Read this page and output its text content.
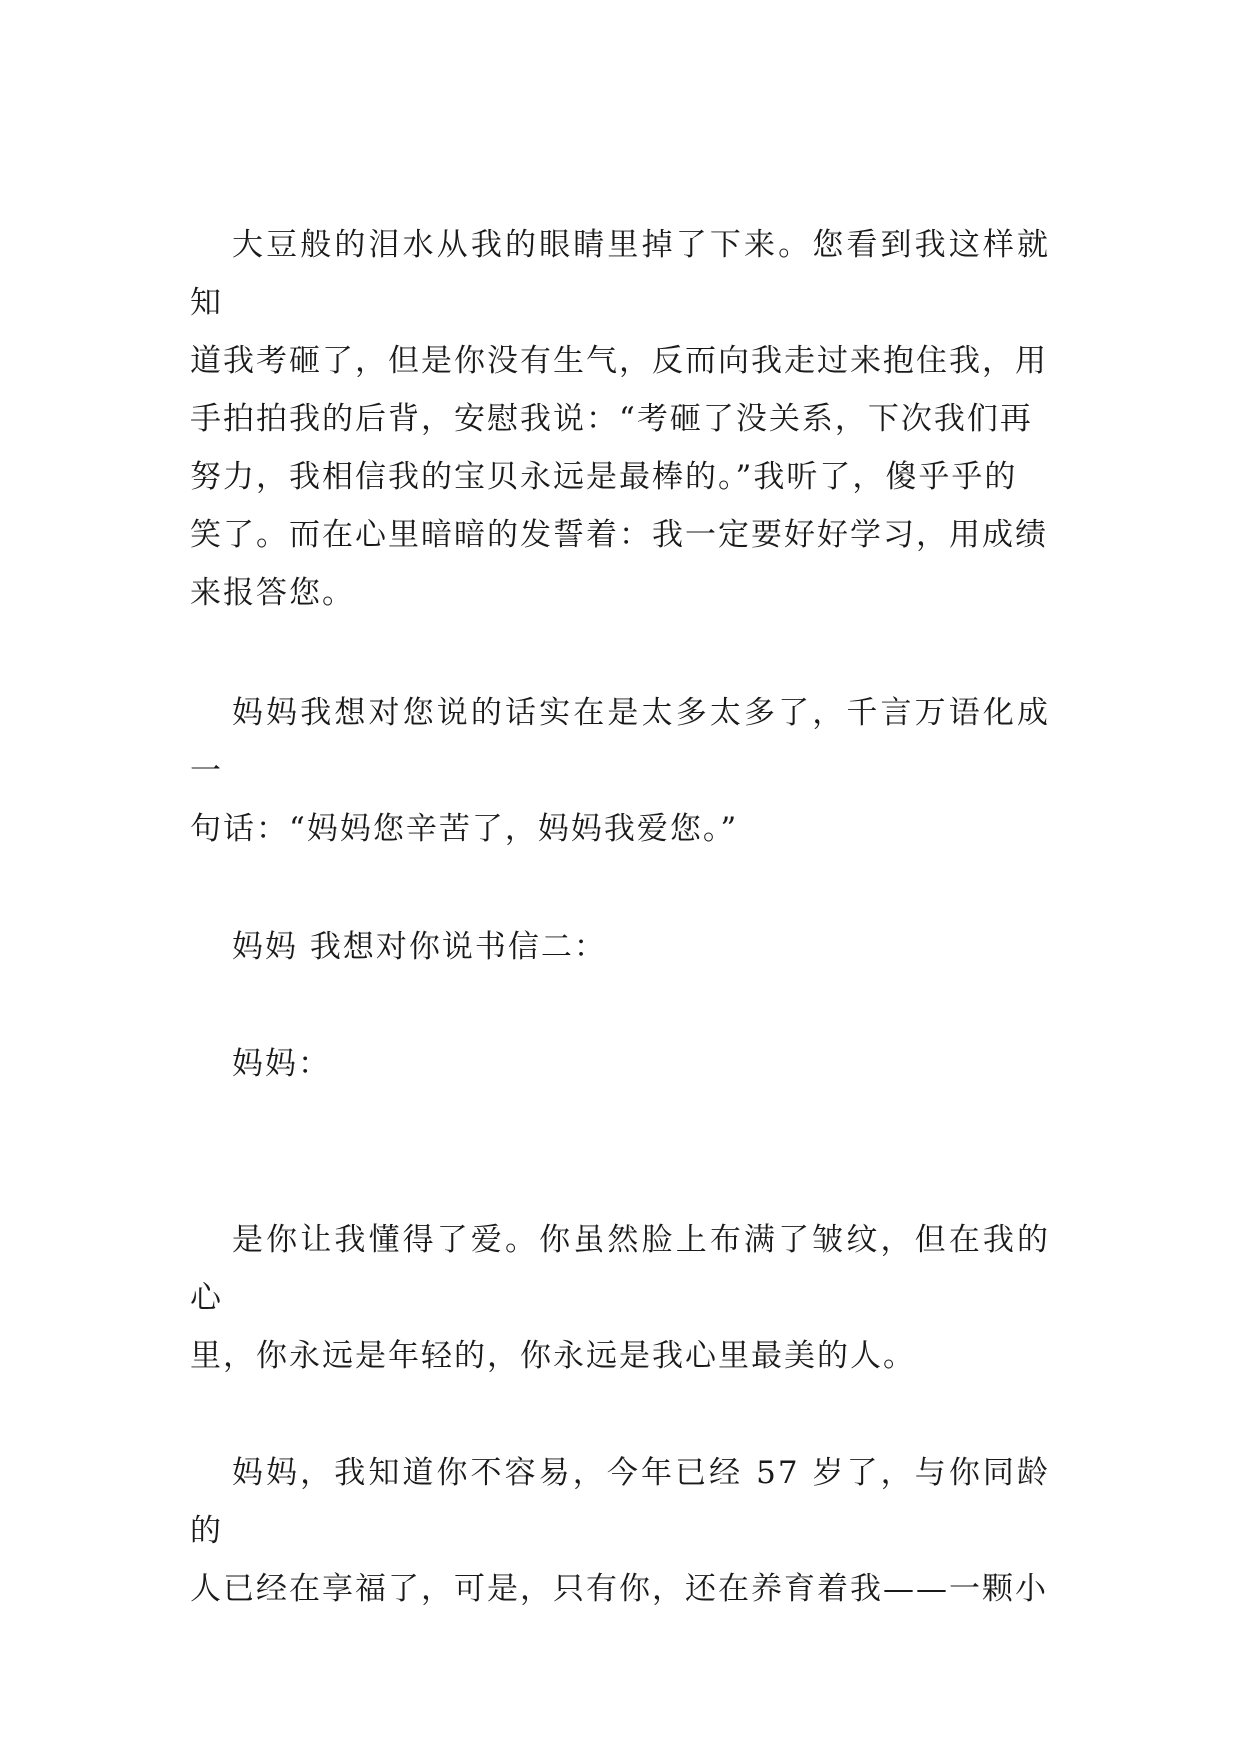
大豆般的泪水从我的眼睛里掉了下来。您看到我这样就知
道我考砸了，但是你没有生气，反而向我走过来抱住我，用
手拍拍我的后背，安慰我说：“考砸了没关系，下次我们再
努力，我相信我的宝贝永远是最棒的。”我听了，傻乎乎的
笑了。而在心里暗暗的发誓着：我一定要好好学习，用成绩
来报答您。

妈妈我想对您说的话实在是太多太多了，千言万语化成一
句话：“妈妈您辛苦了，妈妈我爱您。”

妈妈 我想对你说书信二：

妈妈：

是你让我懂得了爱。你虽然脸上布满了皱纹，但在我的心
里，你永远是年轻的，你永远是我心里最美的人。

妈妈，我知道你不容易，今年已经 57 岁了，与你同龄的
人已经在享福了，可是，只有你，还在养育着我——一颗小
